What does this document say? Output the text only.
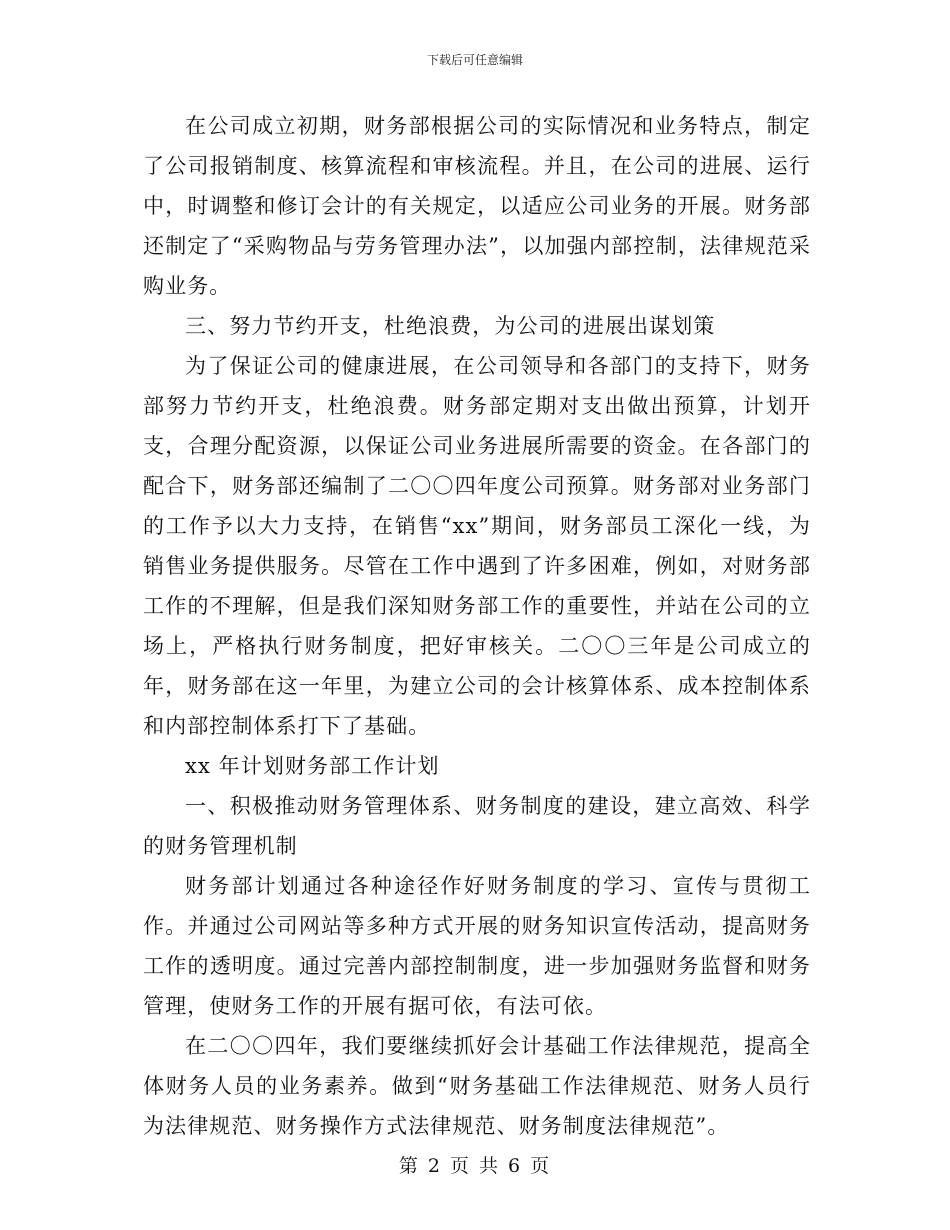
下载后可任意编辑

在公司成立初期，财务部根据公司的实际情况和业务特点，制定了公司报销制度、核算流程和审核流程。并且，在公司的进展、运行中，时调整和修订会计的有关规定，以适应公司业务的开展。财务部还制定了“采购物品与劳务管理办法”，以加强内部控制，法律规范采购业务。

三、努力节约开支，杜绝浪费，为公司的进展出谋划策

为了保证公司的健康进展，在公司领导和各部门的支持下，财务部努力节约开支，杜绝浪费。财务部定期对支出做出预算，计划开支，合理分配资源，以保证公司业务进展所需要的资金。在各部门的配合下，财务部还编制了二〇〇四年度公司预算。财务部对业务部门的工作予以大力支持，在销售“xx”期间，财务部员工深化一线，为销售业务提供服务。尽管在工作中遇到了许多困难，例如，对财务部工作的不理解，但是我们深知财务部工作的重要性，并站在公司的立场上，严格执行财务制度，把好审核关。二〇〇三年是公司成立的年，财务部在这一年里，为建立公司的会计核算体系、成本控制体系和内部控制体系打下了基础。

xx 年计划财务部工作计划

一、积极推动财务管理体系、财务制度的建设，建立高效、科学的财务管理机制

财务部计划通过各种途径作好财务制度的学习、宣传与贯彻工作。并通过公司网站等多种方式开展的财务知识宣传活动，提高财务工作的透明度。通过完善内部控制制度，进一步加强财务监督和财务管理，使财务工作的开展有据可依，有法可依。

在二〇〇四年，我们要继续抓好会计基础工作法律规范，提高全体财务人员的业务素养。做到“财务基础工作法律规范、财务人员行为法律规范、财务操作方式法律规范、财务制度法律规范”。

第 2 页 共 6 页
